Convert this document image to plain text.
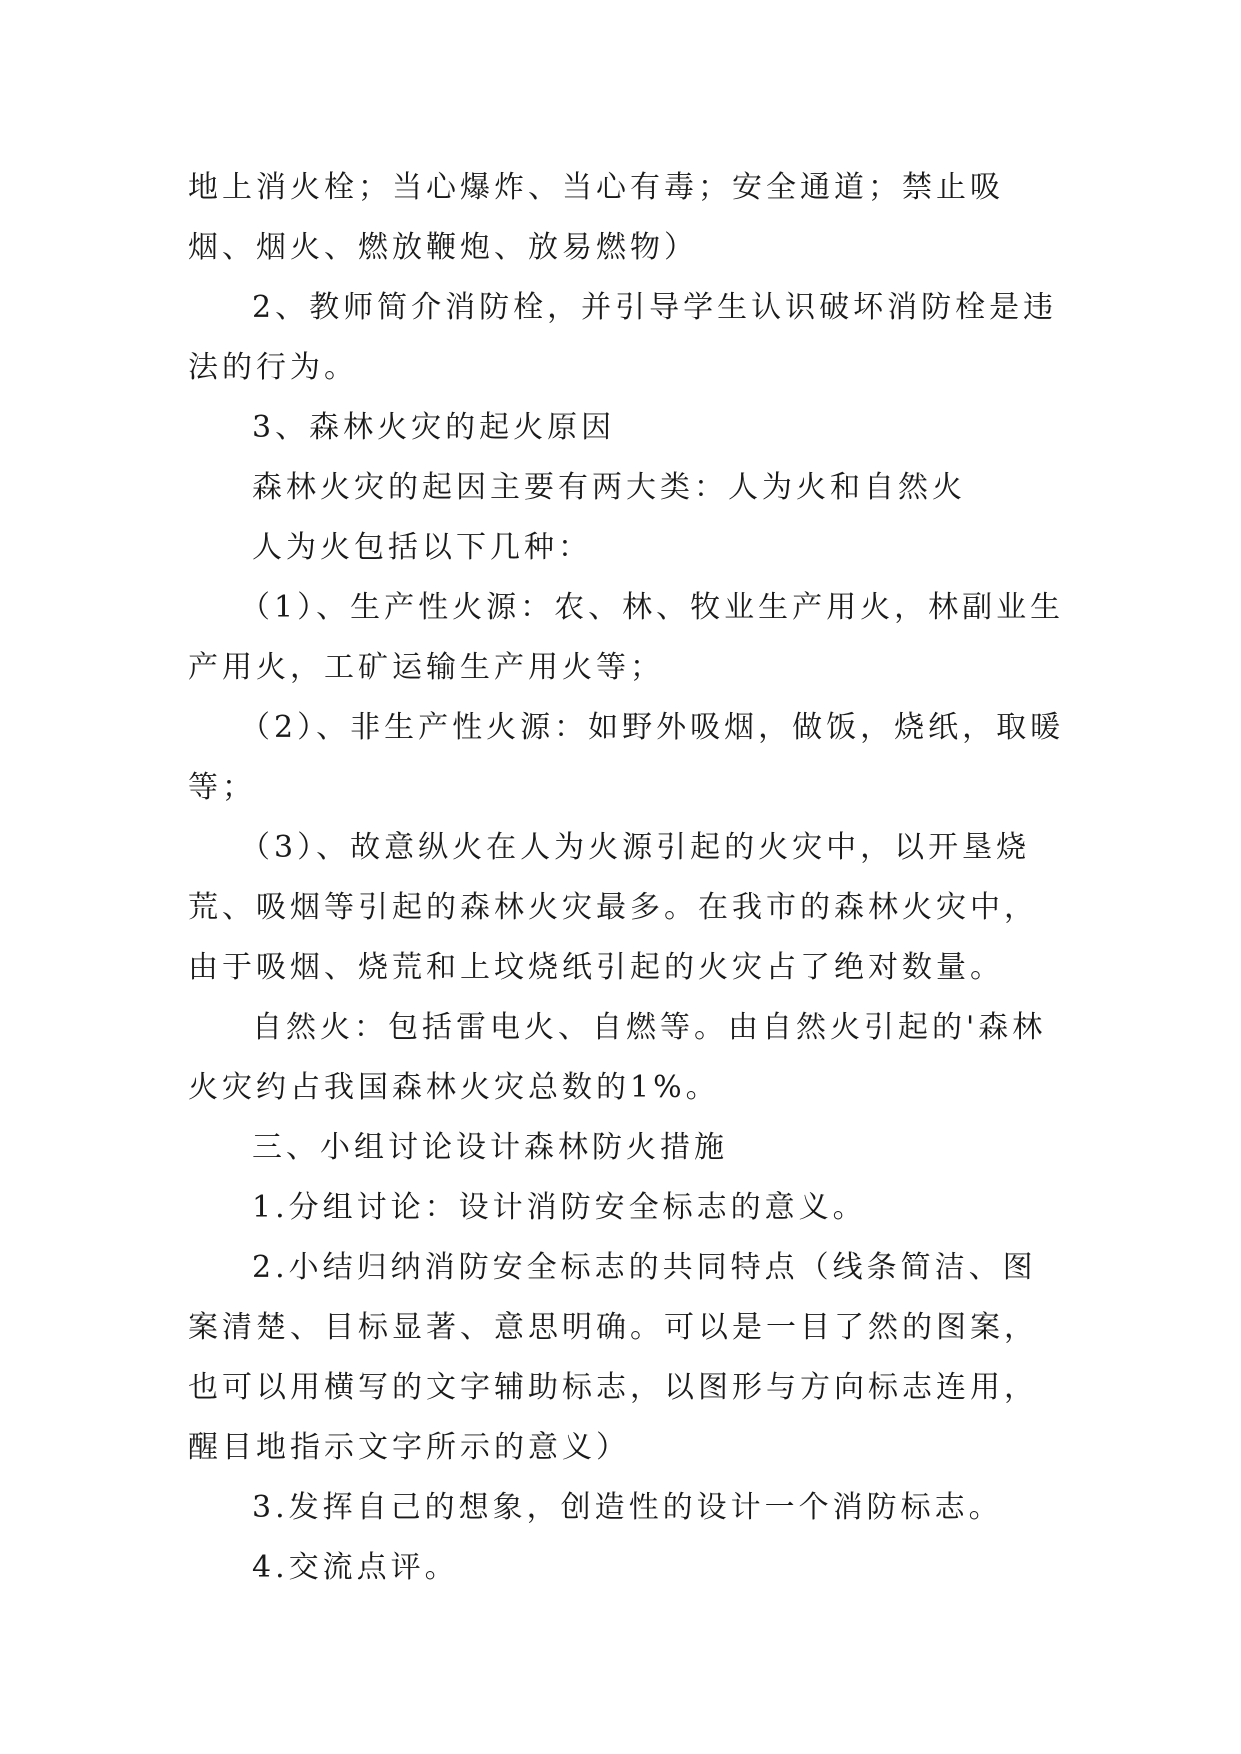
地上消火栓；当心爆炸、当心有毒；安全通道；禁止吸烟、烟火、燃放鞭炮、放易燃物）

2、教师简介消防栓，并引导学生认识破坏消防栓是违法的行为。

3、森林火灾的起火原因

森林火灾的起因主要有两大类：人为火和自然火

人为火包括以下几种：

（1）、生产性火源：农、林、牧业生产用火，林副业生产用火，工矿运输生产用火等；

（2）、非生产性火源：如野外吸烟，做饭，烧纸，取暖等；

（3）、故意纵火在人为火源引起的火灾中，以开垦烧荒、吸烟等引起的森林火灾最多。在我市的森林火灾中，由于吸烟、烧荒和上坟烧纸引起的火灾占了绝对数量。

自然火：包括雷电火、自燃等。由自然火引起的'森林火灾约占我国森林火灾总数的1%。

三、小组讨论设计森林防火措施

1.分组讨论：设计消防安全标志的意义。

2.小结归纳消防安全标志的共同特点（线条简洁、图案清楚、目标显著、意思明确。可以是一目了然的图案，也可以用横写的文字辅助标志，以图形与方向标志连用，醒目地指示文字所示的意义）

3.发挥自己的想象，创造性的设计一个消防标志。

4.交流点评。
